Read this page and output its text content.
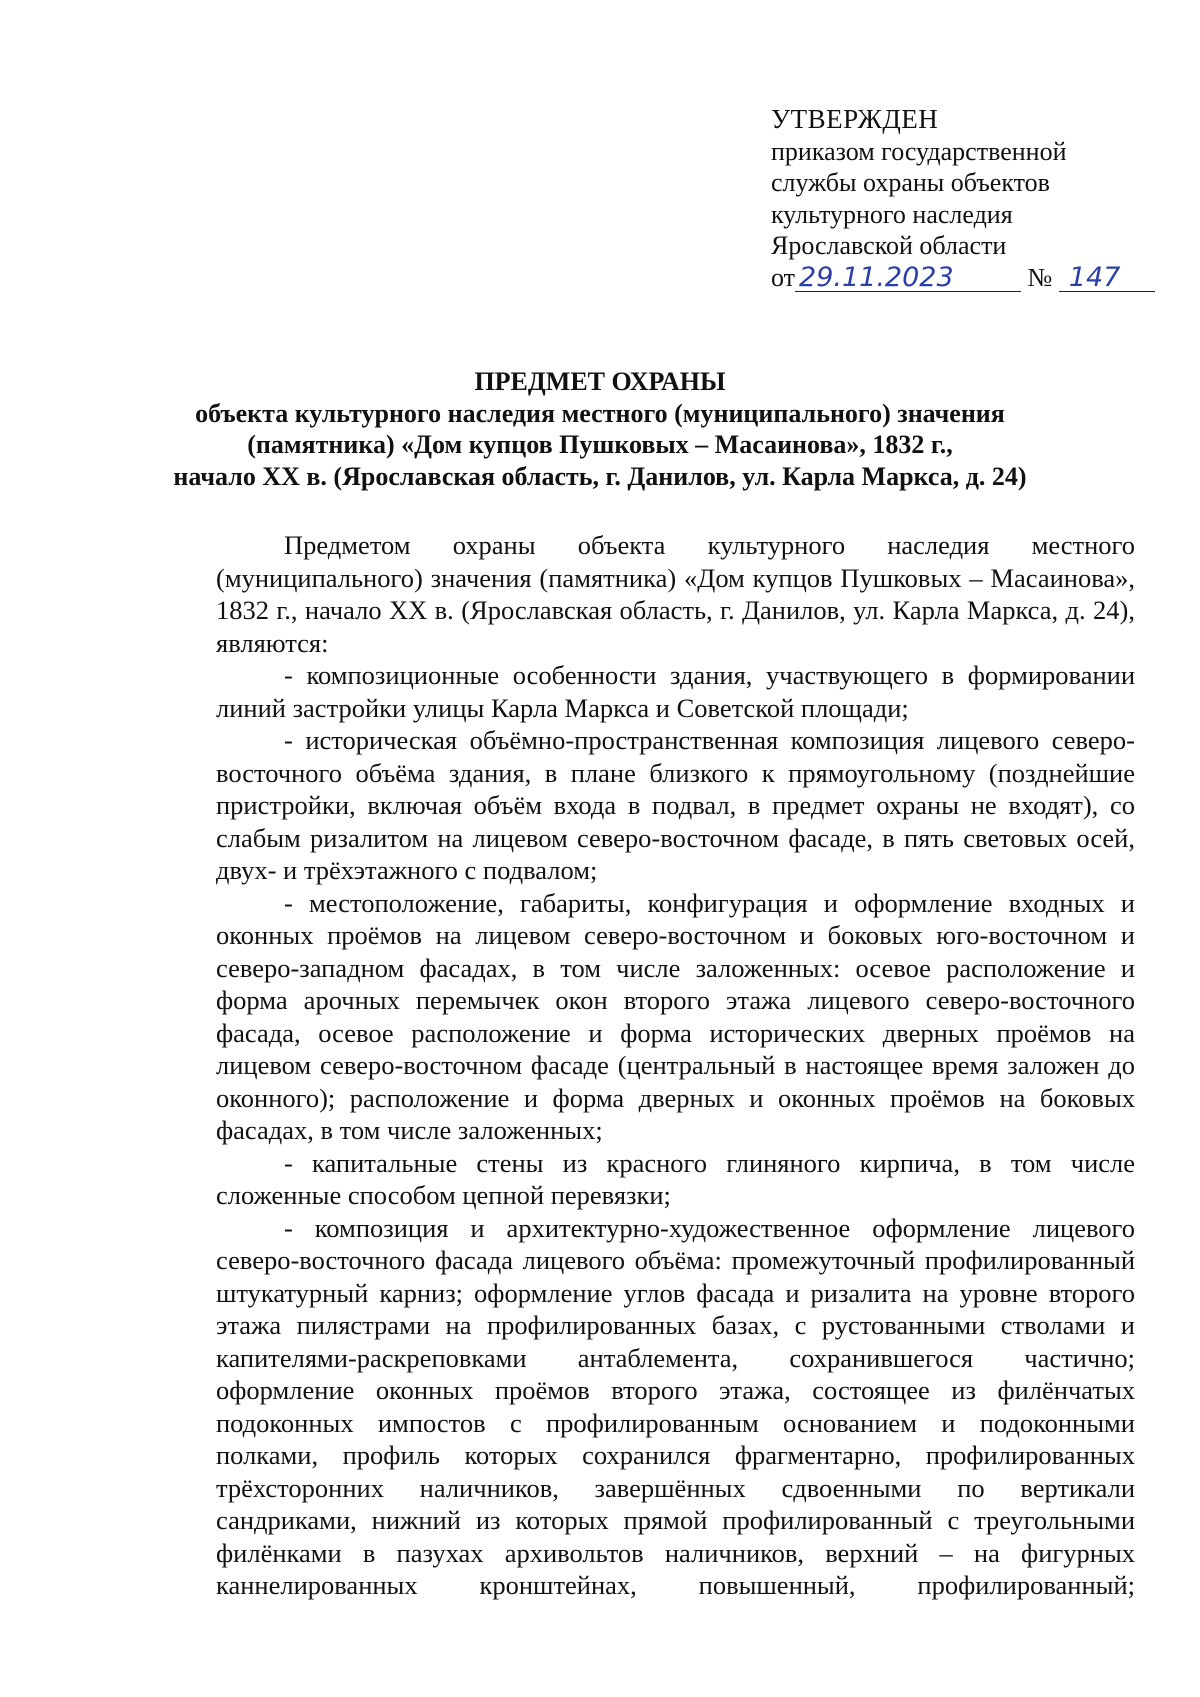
УТВЕРЖДЕН
приказом государственной
службы охраны объектов
культурного наследия
Ярославской области
от 29.11.2023	№ 147
ПРЕДМЕТ ОХРАНЫ
объекта культурного наследия местного (муниципального) значения
(памятника) «Дом купцов Пушковых – Масаинова», 1832 г.,
начало XX в. (Ярославская область, г. Данилов, ул. Карла Маркса, д. 24)

Предметом охраны объекта культурного наследия местного (муниципального) значения (памятника) «Дом купцов Пушковых – Масаинова», 1832 г., начало XX в. (Ярославская область, г. Данилов, ул. Карла Маркса, д. 24), являются:

- композиционные особенности здания, участвующего в формировании линий застройки улицы Карла Маркса и Советской площади;

- историческая объёмно-пространственная композиция лицевого северо-восточного объёма здания, в плане близкого к прямоугольному (позднейшие пристройки, включая объём входа в подвал, в предмет охраны не входят), со слабым ризалитом на лицевом северо-восточном фасаде, в пять световых осей, двух- и трёхэтажного с подвалом;

- местоположение, габариты, конфигурация и оформление входных и оконных проёмов на лицевом северо-восточном и боковых юго-восточном и северо-западном фасадах, в том числе заложенных: осевое расположение и форма арочных перемычек окон второго этажа лицевого северо-восточного фасада, осевое расположение и форма исторических дверных проёмов на лицевом северо-восточном фасаде (центральный в настоящее время заложен до оконного); расположение и форма дверных и оконных проёмов на боковых фасадах, в том числе заложенных;

- капитальные стены из красного глиняного кирпича, в том числе сложенные способом цепной перевязки;

- композиция и архитектурно-художественное оформление лицевого северо-восточного фасада лицевого объёма: промежуточный профилированный штукатурный карниз; оформление углов фасада и ризалита на уровне второго этажа пилястрами на профилированных базах, с рустованными стволами и капителями-раскреповками антаблемента, сохранившегося частично; оформление оконных проёмов второго этажа, состоящее из филёнчатых подоконных импостов с профилированным основанием и подоконными полками, профиль которых сохранился фрагментарно, профилированных трёхсторонних наличников, завершённых сдвоенными по вертикали сандриками, нижний из которых прямой профилированный с треугольными филёнками в пазухах архивольтов наличников, верхний – на фигурных каннелированных кронштейнах, повышенный, профилированный;
